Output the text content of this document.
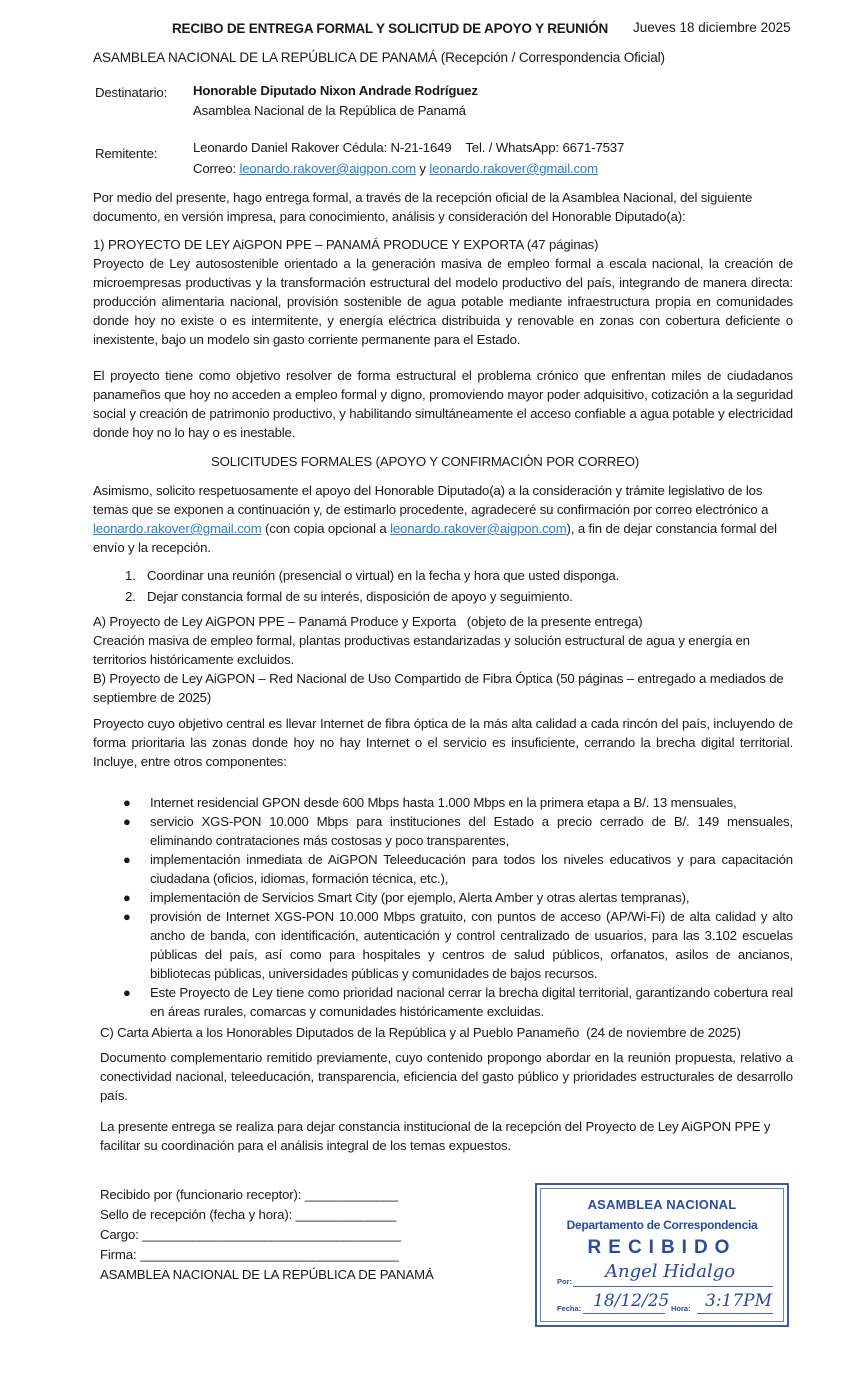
RECIBO DE ENTREGA FORMAL Y SOLICITUD DE APOYO Y REUNIÓN Jueves 18 diciembre 2025
ASAMBLEA NACIONAL DE LA REPÚBLICA DE PANAMÁ (Recepción / Correspondencia Oficial)
Destinatario: Honorable Diputado Nixon Andrade Rodríguez
Asamblea Nacional de la República de Panamá
Remitente:	Leonardo Daniel Rakover Cédula: N-21-1649    Tel. / WhatsApp: 6671-7537
Correo: leonardo.rakover@aigpon.com y leonardo.rakover@gmail.com
Por medio del presente, hago entrega formal, a través de la recepción oficial de la Asamblea Nacional, del siguiente documento, en versión impresa, para conocimiento, análisis y consideración del Honorable Diputado(a):
1) PROYECTO DE LEY AiGPON PPE – PANAMÁ PRODUCE Y EXPORTA (47 páginas)
Proyecto de Ley autosostenible orientado a la generación masiva de empleo formal a escala nacional, la creación de microempresas productivas y la transformación estructural del modelo productivo del país, integrando de manera directa: producción alimentaria nacional, provisión sostenible de agua potable mediante infraestructura propia en comunidades donde hoy no existe o es intermitente, y energía eléctrica distribuida y renovable en zonas con cobertura deficiente o inexistente, bajo un modelo sin gasto corriente permanente para el Estado.
El proyecto tiene como objetivo resolver de forma estructural el problema crónico que enfrentan miles de ciudadanos panameños que hoy no acceden a empleo formal y digno, promoviendo mayor poder adquisitivo, cotización a la seguridad social y creación de patrimonio productivo, y habilitando simultáneamente el acceso confiable a agua potable y electricidad donde hoy no lo hay o es inestable.
SOLICITUDES FORMALES (APOYO Y CONFIRMACIÓN POR CORREO)
Asimismo, solicito respetuosamente el apoyo del Honorable Diputado(a) a la consideración y trámite legislativo de los temas que se exponen a continuación y, de estimarlo procedente, agradeceré su confirmación por correo electrónico a leonardo.rakover@gmail.com (con copia opcional a leonardo.rakover@aigpon.com), a fin de dejar constancia formal del envío y la recepción.
1. Coordinar una reunión (presencial o virtual) en la fecha y hora que usted disponga.
2. Dejar constancia formal de su interés, disposición de apoyo y seguimiento.
A) Proyecto de Ley AiGPON PPE – Panamá Produce y Exporta   (objeto de la presente entrega)
Creación masiva de empleo formal, plantas productivas estandarizadas y solución estructural de agua y energía en territorios históricamente excluidos.
B) Proyecto de Ley AiGPON – Red Nacional de Uso Compartido de Fibra Óptica (50 páginas – entregado a mediados de septiembre de 2025)
Proyecto cuyo objetivo central es llevar Internet de fibra óptica de la más alta calidad a cada rincón del país, incluyendo de forma prioritaria las zonas donde hoy no hay Internet o el servicio es insuficiente, cerrando la brecha digital territorial. Incluye, entre otros componentes:
● Internet residencial GPON desde 600 Mbps hasta 1.000 Mbps en la primera etapa a B/. 13 mensuales,
● servicio XGS-PON 10.000 Mbps para instituciones del Estado a precio cerrado de B/. 149 mensuales, eliminando contrataciones más costosas y poco transparentes,
● implementación inmediata de AiGPON Teleeducación para todos los niveles educativos y para capacitación ciudadana (oficios, idiomas, formación técnica, etc.),
● implementación de Servicios Smart City (por ejemplo, Alerta Amber y otras alertas tempranas),
● provisión de Internet XGS-PON 10.000 Mbps gratuito, con puntos de acceso (AP/Wi-Fi) de alta calidad y alto ancho de banda, con identificación, autenticación y control centralizado de usuarios, para las 3.102 escuelas públicas del país, así como para hospitales y centros de salud públicos, orfanatos, asilos de ancianos, bibliotecas públicas, universidades públicas y comunidades de bajos recursos.
● Este Proyecto de Ley tiene como prioridad nacional cerrar la brecha digital territorial, garantizando cobertura real en áreas rurales, comarcas y comunidades históricamente excluidas.
C) Carta Abierta a los Honorables Diputados de la República y al Pueblo Panameño  (24 de noviembre de 2025)
Documento complementario remitido previamente, cuyo contenido propongo abordar en la reunión propuesta, relativo a conectividad nacional, teleeducación, transparencia, eficiencia del gasto público y prioridades estructurales de desarrollo país.
La presente entrega se realiza para dejar constancia institucional de la recepción del Proyecto de Ley AiGPON PPE y facilitar su coordinación para el análisis integral de los temas expuestos.
Recibido por (funcionario receptor): _____________
Sello de recepción (fecha y hora): ______________
Cargo: ____________________________________
Firma: ____________________________________
ASAMBLEA NACIONAL DE LA REPÚBLICA DE PANAMÁ
ASAMBLEA NACIONAL
Departamento de Correspondencia
RECIBIDO
Por: Angel Hidalgo
Fecha: 18/12/25 Hora: 3:17PM
